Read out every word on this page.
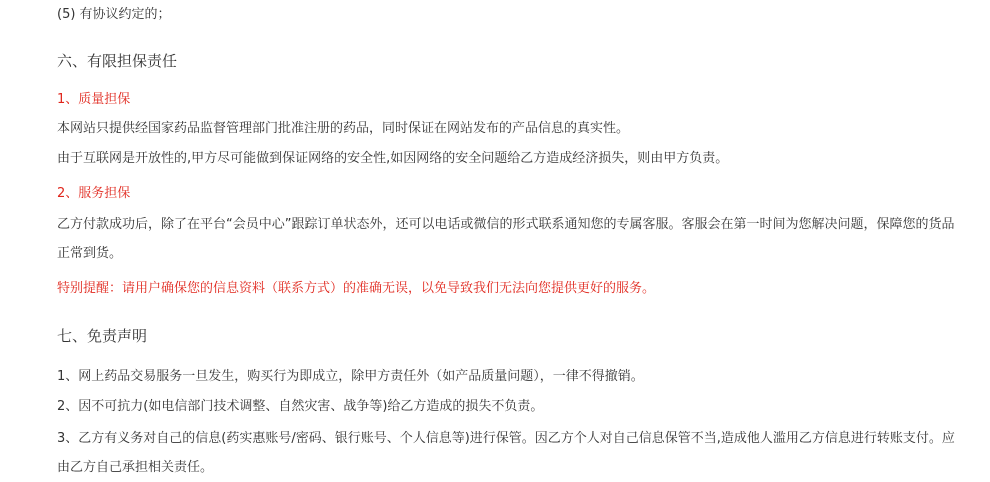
(5) 有协议约定的；

六、有限担保责任

1、质量担保

本网站只提供经国家药品监督管理部门批准注册的药品，同时保证在网站发布的产品信息的真实性。

由于互联网是开放性的,甲方尽可能做到保证网络的安全性,如因网络的安全问题给乙方造成经济损失，则由甲方负责。

2、服务担保

乙方付款成功后，除了在平台“会员中心”跟踪订单状态外，还可以电话或微信的形式联系通知您的专属客服。客服会在第一时间为您解决问题，保障您的货品正常到货。

特别提醒：请用户确保您的信息资料（联系方式）的准确无误，以免导致我们无法向您提供更好的服务。

七、免责声明

1、网上药品交易服务一旦发生，购买行为即成立，除甲方责任外（如产品质量问题），一律不得撤销。

2、因不可抗力(如电信部门技术调整、自然灾害、战争等)给乙方造成的损失不负责。

3、乙方有义务对自己的信息(药实惠账号/密码、银行账号、个人信息等)进行保管。因乙方个人对自己信息保管不当,造成他人滥用乙方信息进行转账支付。应由乙方自己承担相关责任。
